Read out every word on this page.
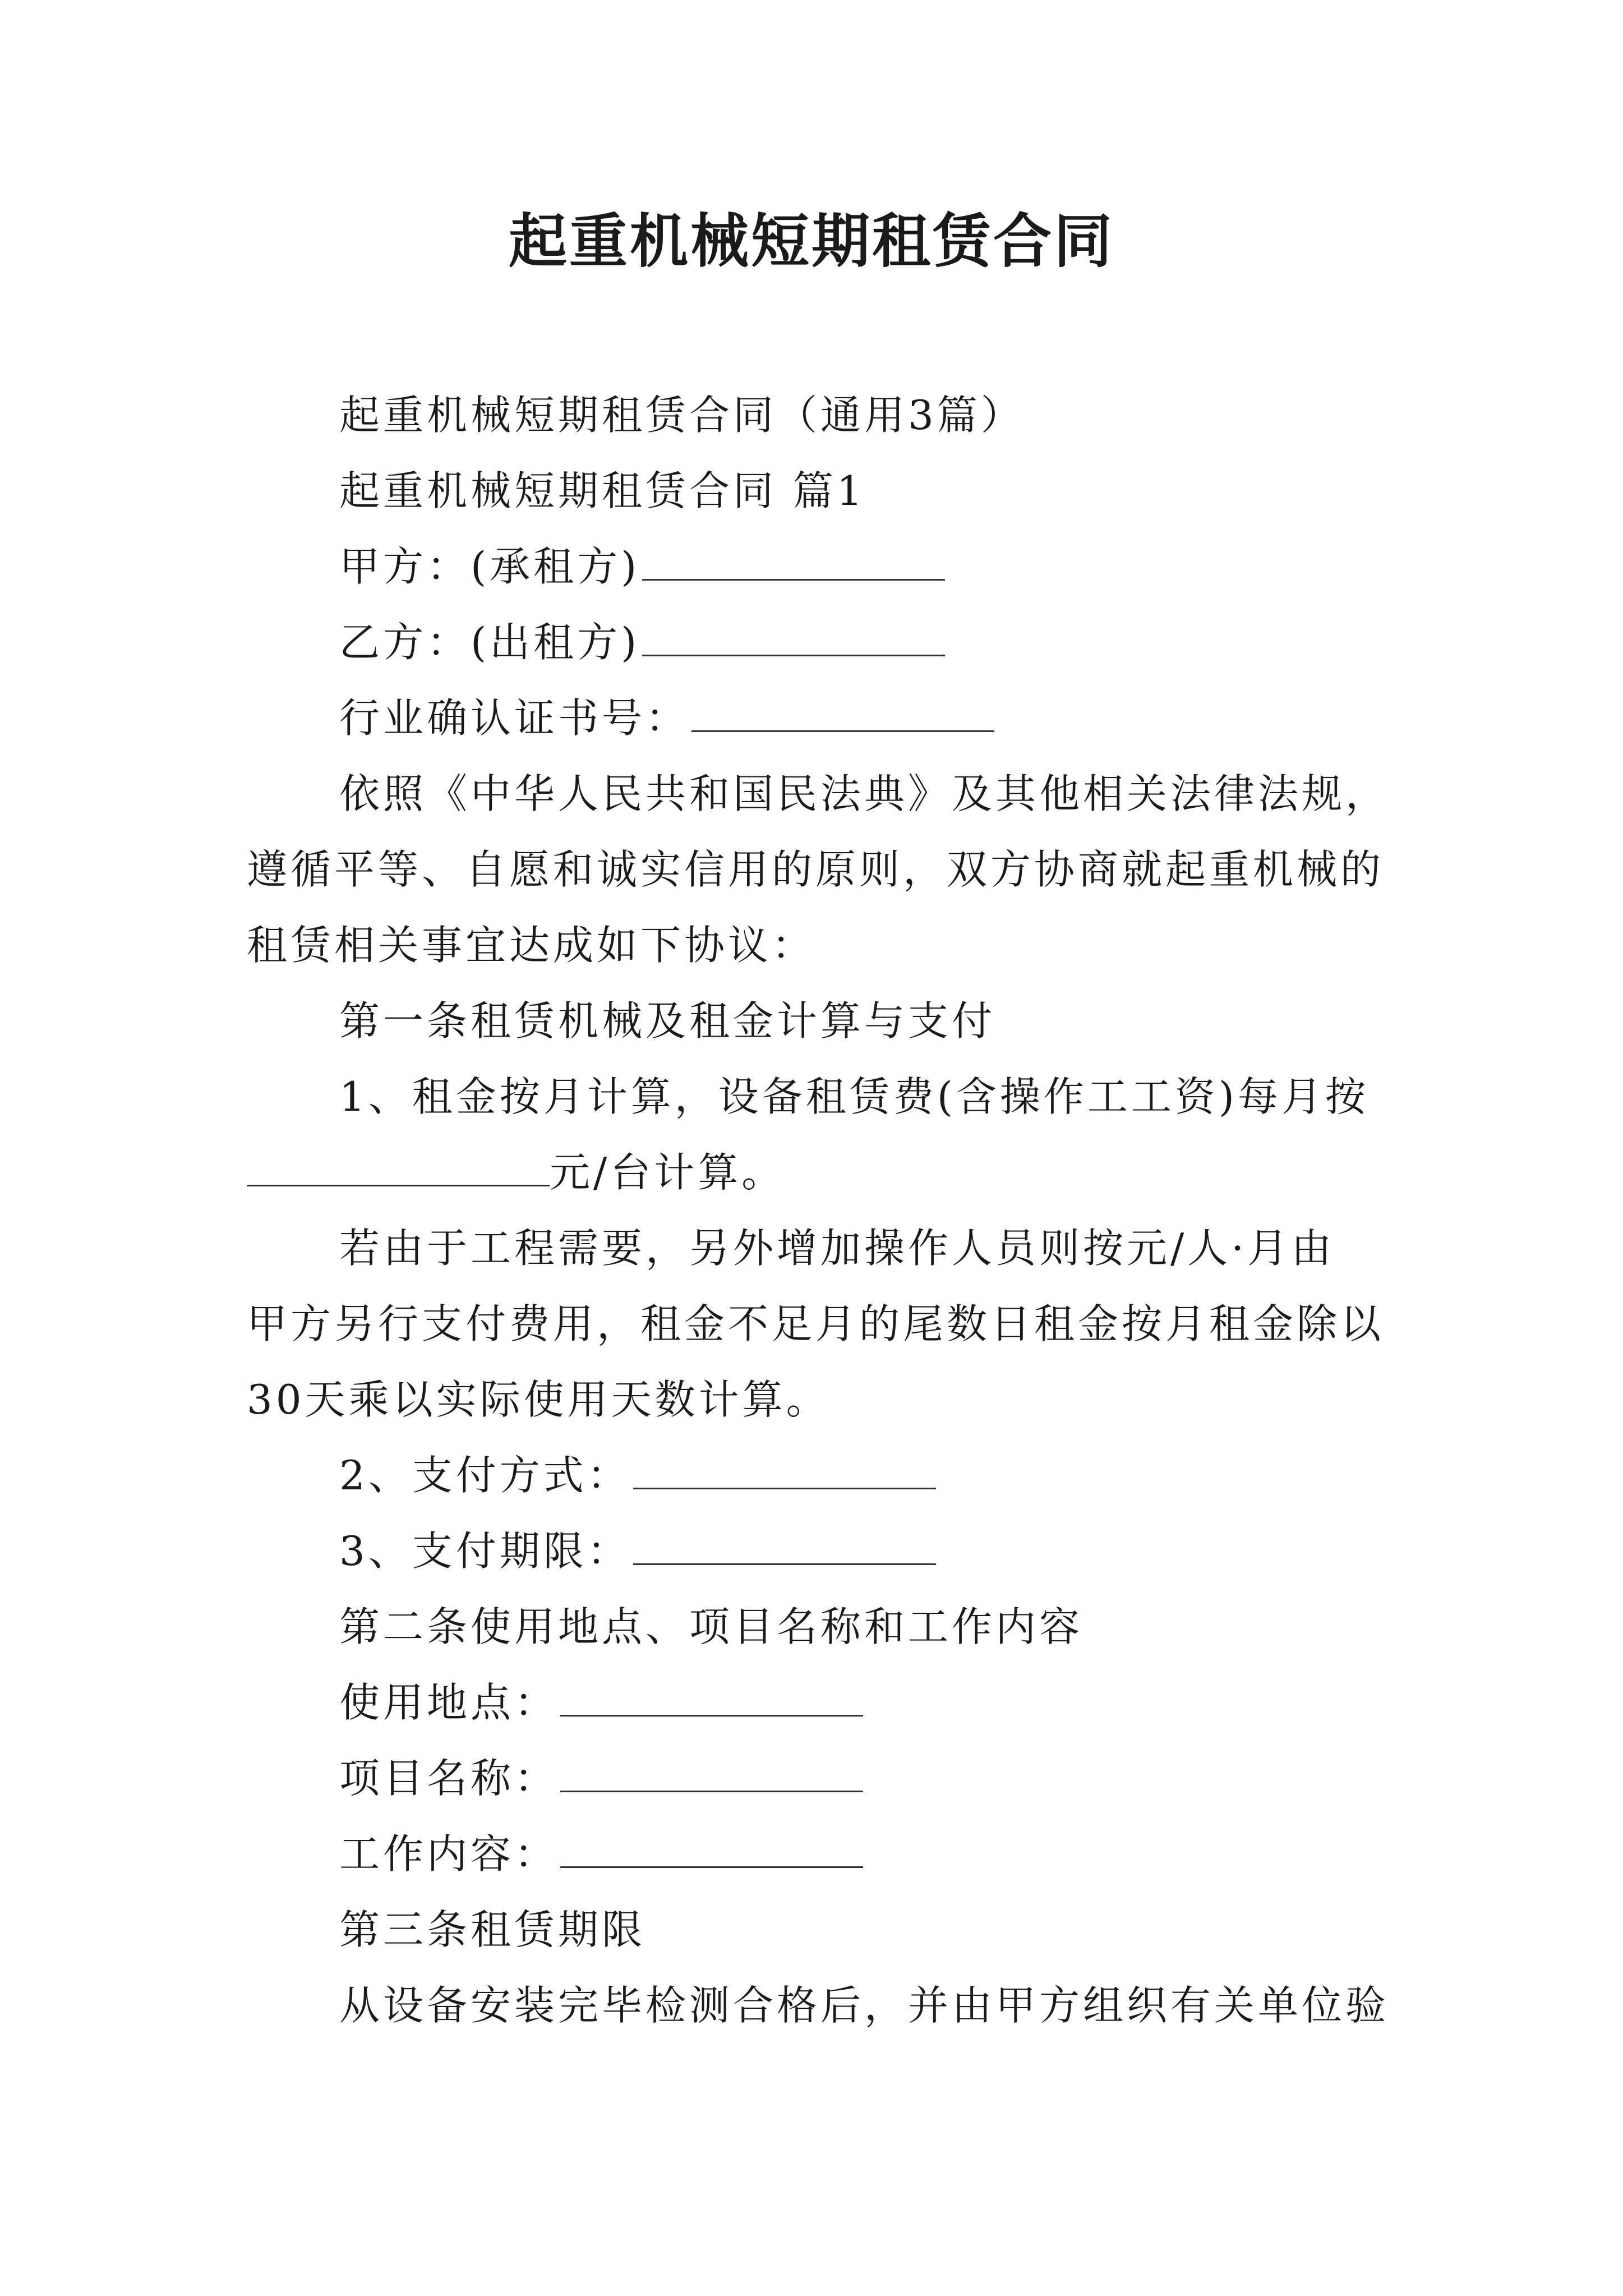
起重机械短期租赁合同
起重机械短期租赁合同（通用3篇）
起重机械短期租赁合同 篇1
甲方：(承租方)
乙方：(出租方)
行业确认证书号：
依照《中华人民共和国民法典》及其他相关法律法规，
遵循平等、自愿和诚实信用的原则，双方协商就起重机械的
租赁相关事宜达成如下协议：
第一条租赁机械及租金计算与支付
1、租金按月计算，设备租赁费(含操作工工资)每月按
元/台计算。
若由于工程需要，另外增加操作人员则按元/人·月由
甲方另行支付费用，租金不足月的尾数日租金按月租金除以
30天乘以实际使用天数计算。
2、支付方式：
3、支付期限：
第二条使用地点、项目名称和工作内容
使用地点：
项目名称：
工作内容：
第三条租赁期限
从设备安装完毕检测合格后，并由甲方组织有关单位验
